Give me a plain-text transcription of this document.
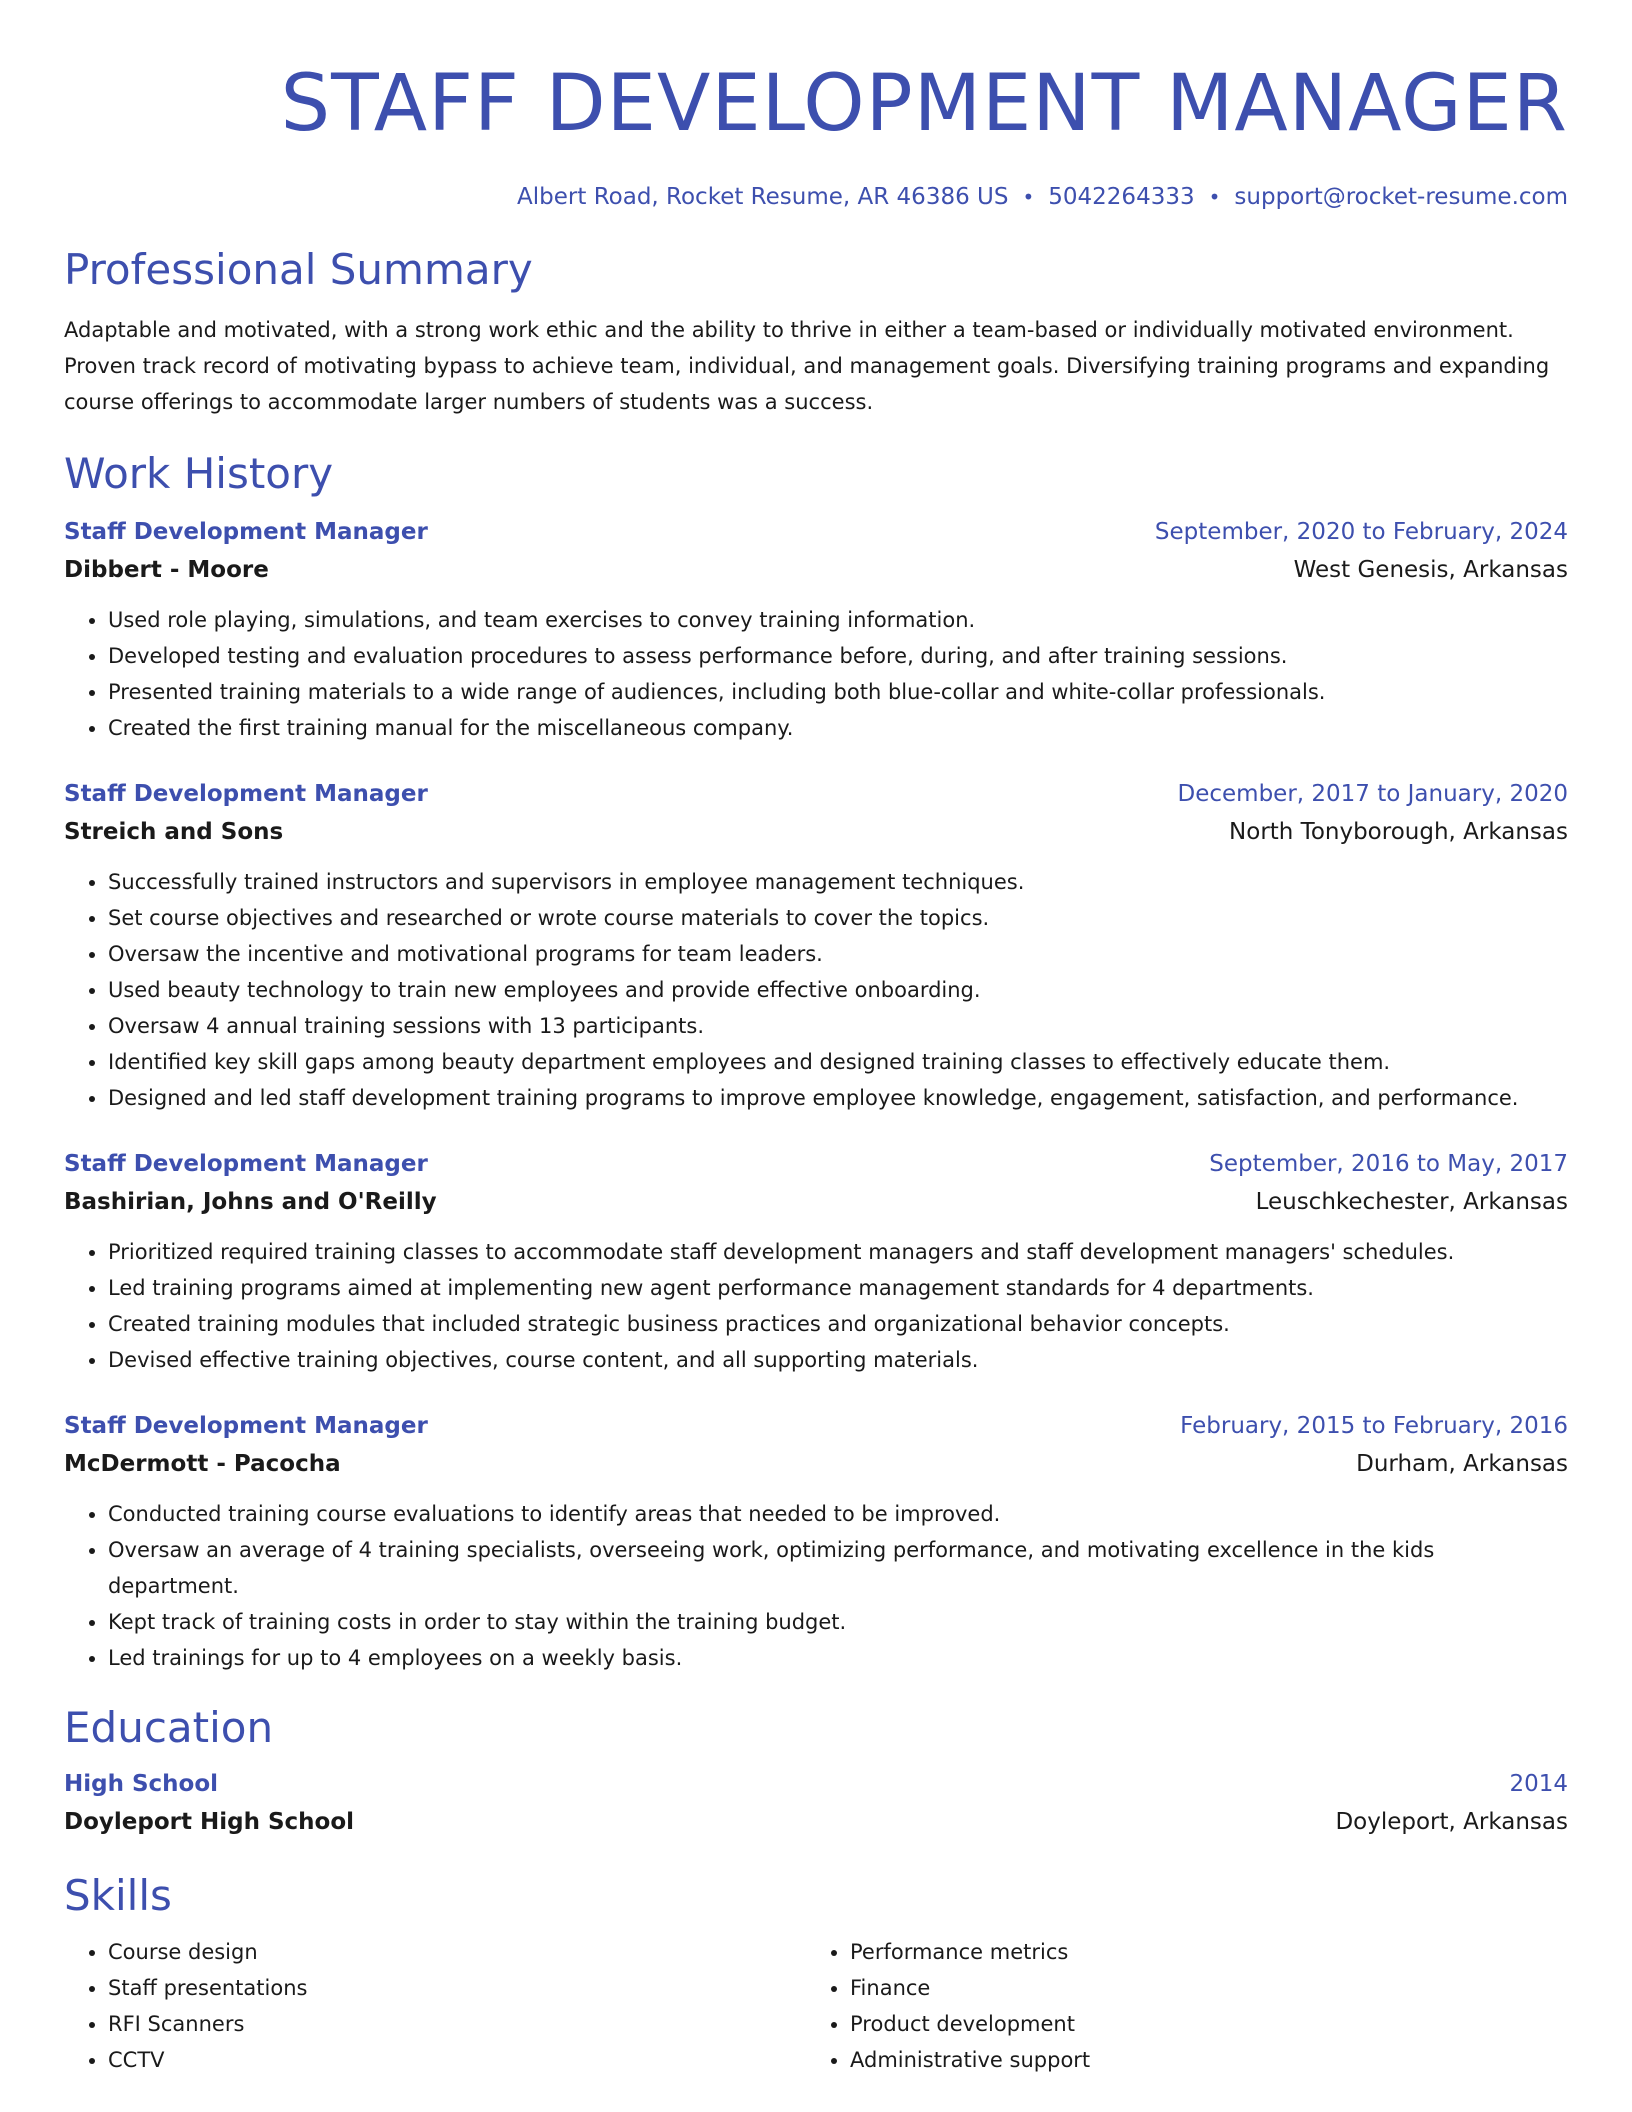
STAFF DEVELOPMENT MANAGER
Albert Road, Rocket Resume, AR 46386 US • 5042264333 • support@rocket-resume.com
Professional Summary
Adaptable and motivated, with a strong work ethic and the ability to thrive in either a team-based or individually motivated environment. Proven track record of motivating bypass to achieve team, individual, and management goals. Diversifying training programs and expanding course offerings to accommodate larger numbers of students was a success.
Work History
Staff Development Manager	September, 2020 to February, 2024
Dibbert - Moore	West Genesis, Arkansas
• Used role playing, simulations, and team exercises to convey training information.
• Developed testing and evaluation procedures to assess performance before, during, and after training sessions.
• Presented training materials to a wide range of audiences, including both blue-collar and white-collar professionals.
• Created the first training manual for the miscellaneous company.
Staff Development Manager	December, 2017 to January, 2020
Streich and Sons	North Tonyborough, Arkansas
• Successfully trained instructors and supervisors in employee management techniques.
• Set course objectives and researched or wrote course materials to cover the topics.
• Oversaw the incentive and motivational programs for team leaders.
• Used beauty technology to train new employees and provide effective onboarding.
• Oversaw 4 annual training sessions with 13 participants.
• Identified key skill gaps among beauty department employees and designed training classes to effectively educate them.
• Designed and led staff development training programs to improve employee knowledge, engagement, satisfaction, and performance.
Staff Development Manager	September, 2016 to May, 2017
Bashirian, Johns and O'Reilly	Leuschkechester, Arkansas
• Prioritized required training classes to accommodate staff development managers and staff development managers' schedules.
• Led training programs aimed at implementing new agent performance management standards for 4 departments.
• Created training modules that included strategic business practices and organizational behavior concepts.
• Devised effective training objectives, course content, and all supporting materials.
Staff Development Manager	February, 2015 to February, 2016
McDermott - Pacocha	Durham, Arkansas
• Conducted training course evaluations to identify areas that needed to be improved.
• Oversaw an average of 4 training specialists, overseeing work, optimizing performance, and motivating excellence in the kids department.
• Kept track of training costs in order to stay within the training budget.
• Led trainings for up to 4 employees on a weekly basis.
Education
High School	2014
Doyleport High School	Doyleport, Arkansas
Skills
• Course design
• Staff presentations
• RFI Scanners
• CCTV
• Performance metrics
• Finance
• Product development
• Administrative support
